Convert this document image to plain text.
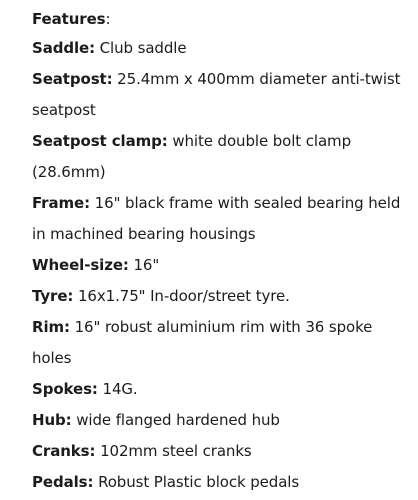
Features:

Saddle: Club saddle
Seatpost: 25.4mm x 400mm diameter anti-twist seatpost
Seatpost clamp: white double bolt clamp (28.6mm)
Frame: 16" black frame with sealed bearing held in machined bearing housings
Wheel-size: 16"
Tyre: 16x1.75" In-door/street tyre.
Rim: 16" robust aluminium rim with 36 spoke holes
Spokes: 14G.
Hub: wide flanged hardened hub
Cranks: 102mm steel cranks
Pedals: Robust Plastic block pedals
